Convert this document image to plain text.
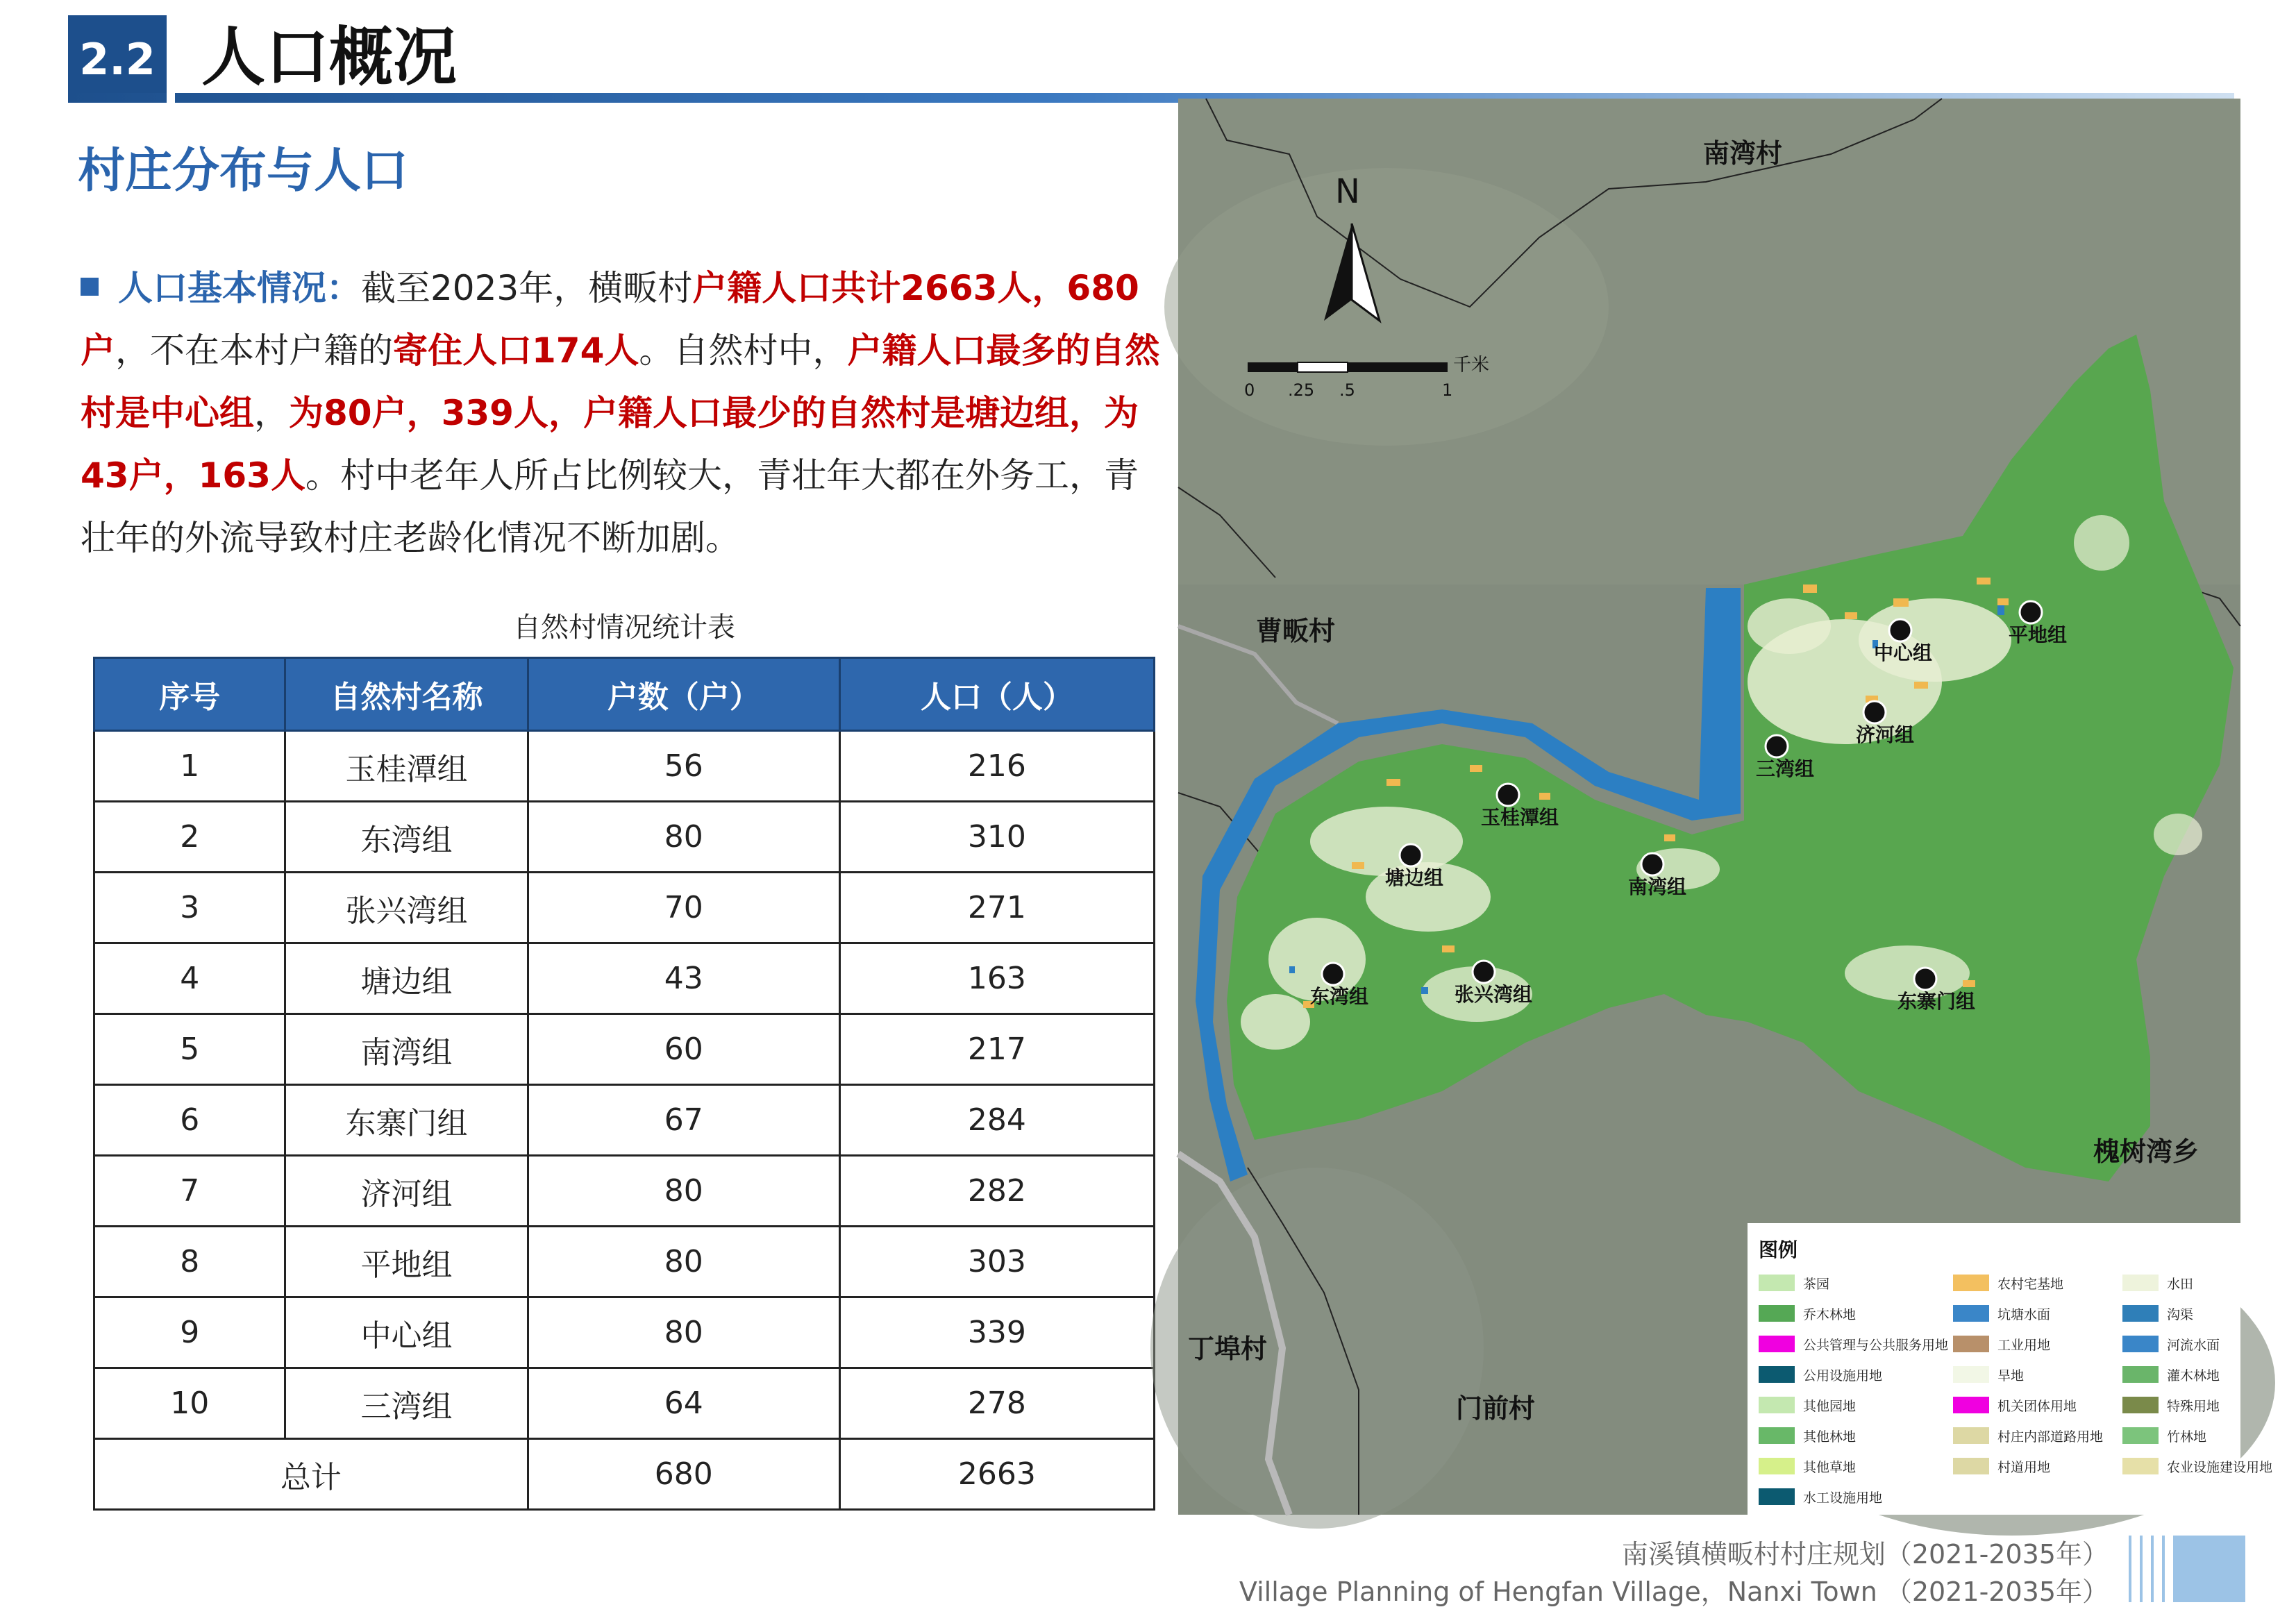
2.2 人口概况
村庄分布与人口
人口基本情况：截至2023年，横畈村户籍人口共计2663人，680户，不在本村户籍的寄住人口174人。自然村中，户籍人口最多的自然村是中心组，为80户，339人，户籍人口最少的自然村是塘边组，为43户，163人。村中老年人所占比例较大，青壮年大都在外务工，青壮年的外流导致村庄老龄化情况不断加剧。
自然村情况统计表
序号	自然村名称	户数（户）	人口（人）
1	玉桂潭组	56	216
2	东湾组	80	310
3	张兴湾组	70	271
4	塘边组	43	163
5	南湾组	60	217
6	东寨门组	67	284
7	济河组	80	282
8	平地组	80	303
9	中心组	80	339
10	三湾组	64	278
总计		680	2663
N
0 .25 .5	1
千米
南湾村
曹畈村
槐树湾乡
丁埠村
门前村
中心组
平地组
济河组
三湾组
玉桂潭组
塘边组	南湾组
东湾组	张兴湾组	东寨门组
图例
茶园	农村宅基地	水田
乔木林地	坑塘水面	沟渠
公共管理与公共服务用地	工业用地	河流水面
公用设施用地	旱地	灌木林地
其他园地	机关团体用地	特殊用地
其他林地	村庄内部道路用地	竹林地
其他草地	村道用地	农业设施建设用地
水工设施用地
南溪镇横畈村村庄规划（2021-2035年）
Village Planning of Hengfan Village，Nanxi Town （2021-2035年）
